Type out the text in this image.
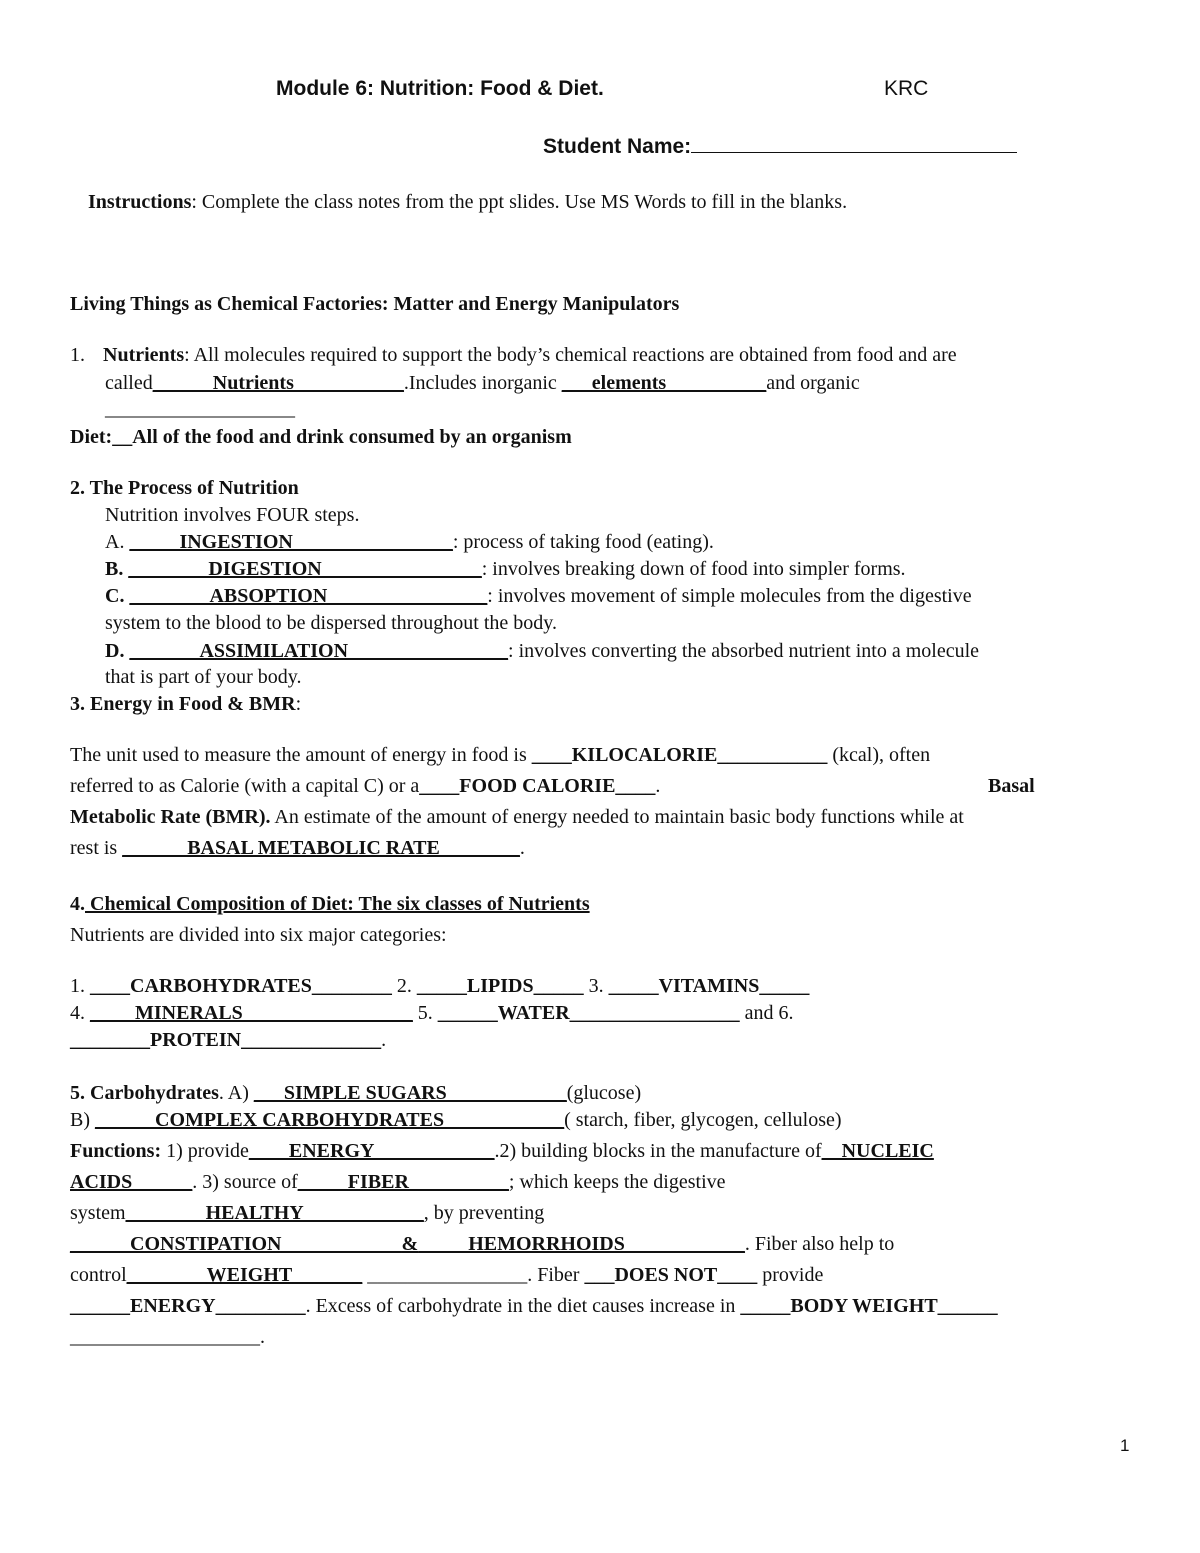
Module 6: Nutrition: Food & Diet.	KRC
Student Name:
Instructions: Complete the class notes from the ppt slides. Use MS Words to fill in the blanks.
Living Things as Chemical Factories: Matter and Energy Manipulators
1. Nutrients: All molecules required to support the body’s chemical reactions are obtained from food and are
called______Nutrients___________.Includes inorganic ___elements__________and organic
___________________
Diet:__All of the food and drink consumed by an organism
2. The Process of Nutrition
Nutrition involves FOUR steps.
A. _____INGESTION________________: process of taking food (eating).
B. ________DIGESTION________________: involves breaking down of food into simpler forms.
C. ________ABSOPTION________________: involves movement of simple molecules from the digestive
system to the blood to be dispersed throughout the body.
D. _______ASSIMILATION________________: involves converting the absorbed nutrient into a molecule
that is part of your body.
3. Energy in Food & BMR:
The unit used to measure the amount of energy in food is ____KILOCALORIE___________ (kcal), often
referred to as Calorie (with a capital C) or a____FOOD CALORIE____.	Basal
Metabolic Rate (BMR). An estimate of the amount of energy needed to maintain basic body functions while at
rest is ______ BASAL METABOLIC RATE________.
4. Chemical Composition of Diet: The six classes of Nutrients
Nutrients are divided into six major categories:
1. ____CARBOHYDRATES________ 2. _____LIPIDS_____ 3. _____VITAMINS_____
4. ____ MINERALS_________________ 5. ______WATER_________________ and 6.
________PROTEIN______________.
5. Carbohydrates. A) ___SIMPLE SUGARS____________(glucose)
B) ______COMPLEX CARBOHYDRATES____________( starch, fiber, glycogen, cellulose)
Functions: 1) provide____ENERGY____________.2) building blocks in the manufacture of__NUCLEIC
ACIDS______. 3) source of_____FIBER__________; which keeps the digestive
system________HEALTHY____________, by preventing
______CONSTIPATION____________&_____HEMORRHOIDS____________. Fiber also help to
control________WEIGHT_______ ________________. Fiber ___DOES NOT____ provide
______ENERGY_________. Excess of carbohydrate in the diet causes increase in _____BODY WEIGHT______
___________________.
1
